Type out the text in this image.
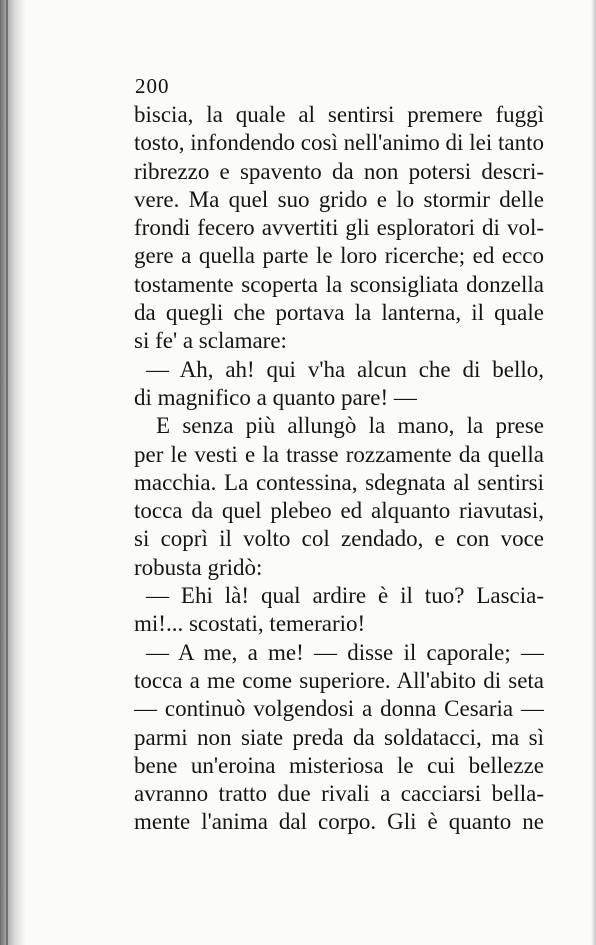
200
biscia, la quale al sentirsi premere fuggì
tosto, infondendo così nell'animo di lei tanto
ribrezzo e spavento da non potersi descri-
vere. Ma quel suo grido e lo stormir delle
frondi fecero avvertiti gli esploratori di vol-
gere a quella parte le loro ricerche; ed ecco
tostamente scoperta la sconsigliata donzella
da quegli che portava la lanterna, il quale
si fe' a sclamare:
— Ah, ah! qui v'ha alcun che di bello,
di magnifico a quanto pare! —
E senza più allungò la mano, la prese
per le vesti e la trasse rozzamente da quella
macchia. La contessina, sdegnata al sentirsi
tocca da quel plebeo ed alquanto riavutasi,
si coprì il volto col zendado, e con voce
robusta gridò:
— Ehi là! qual ardire è il tuo? Lascia-
mi!... scostati, temerario!
— A me, a me! — disse il caporale; —
tocca a me come superiore. All'abito di seta
— continuò volgendosi a donna Cesaria —
parmi non siate preda da soldatacci, ma sì
bene un'eroina misteriosa le cui bellezze
avranno tratto due rivali a cacciarsi bella-
mente l'anima dal corpo. Gli è quanto ne
